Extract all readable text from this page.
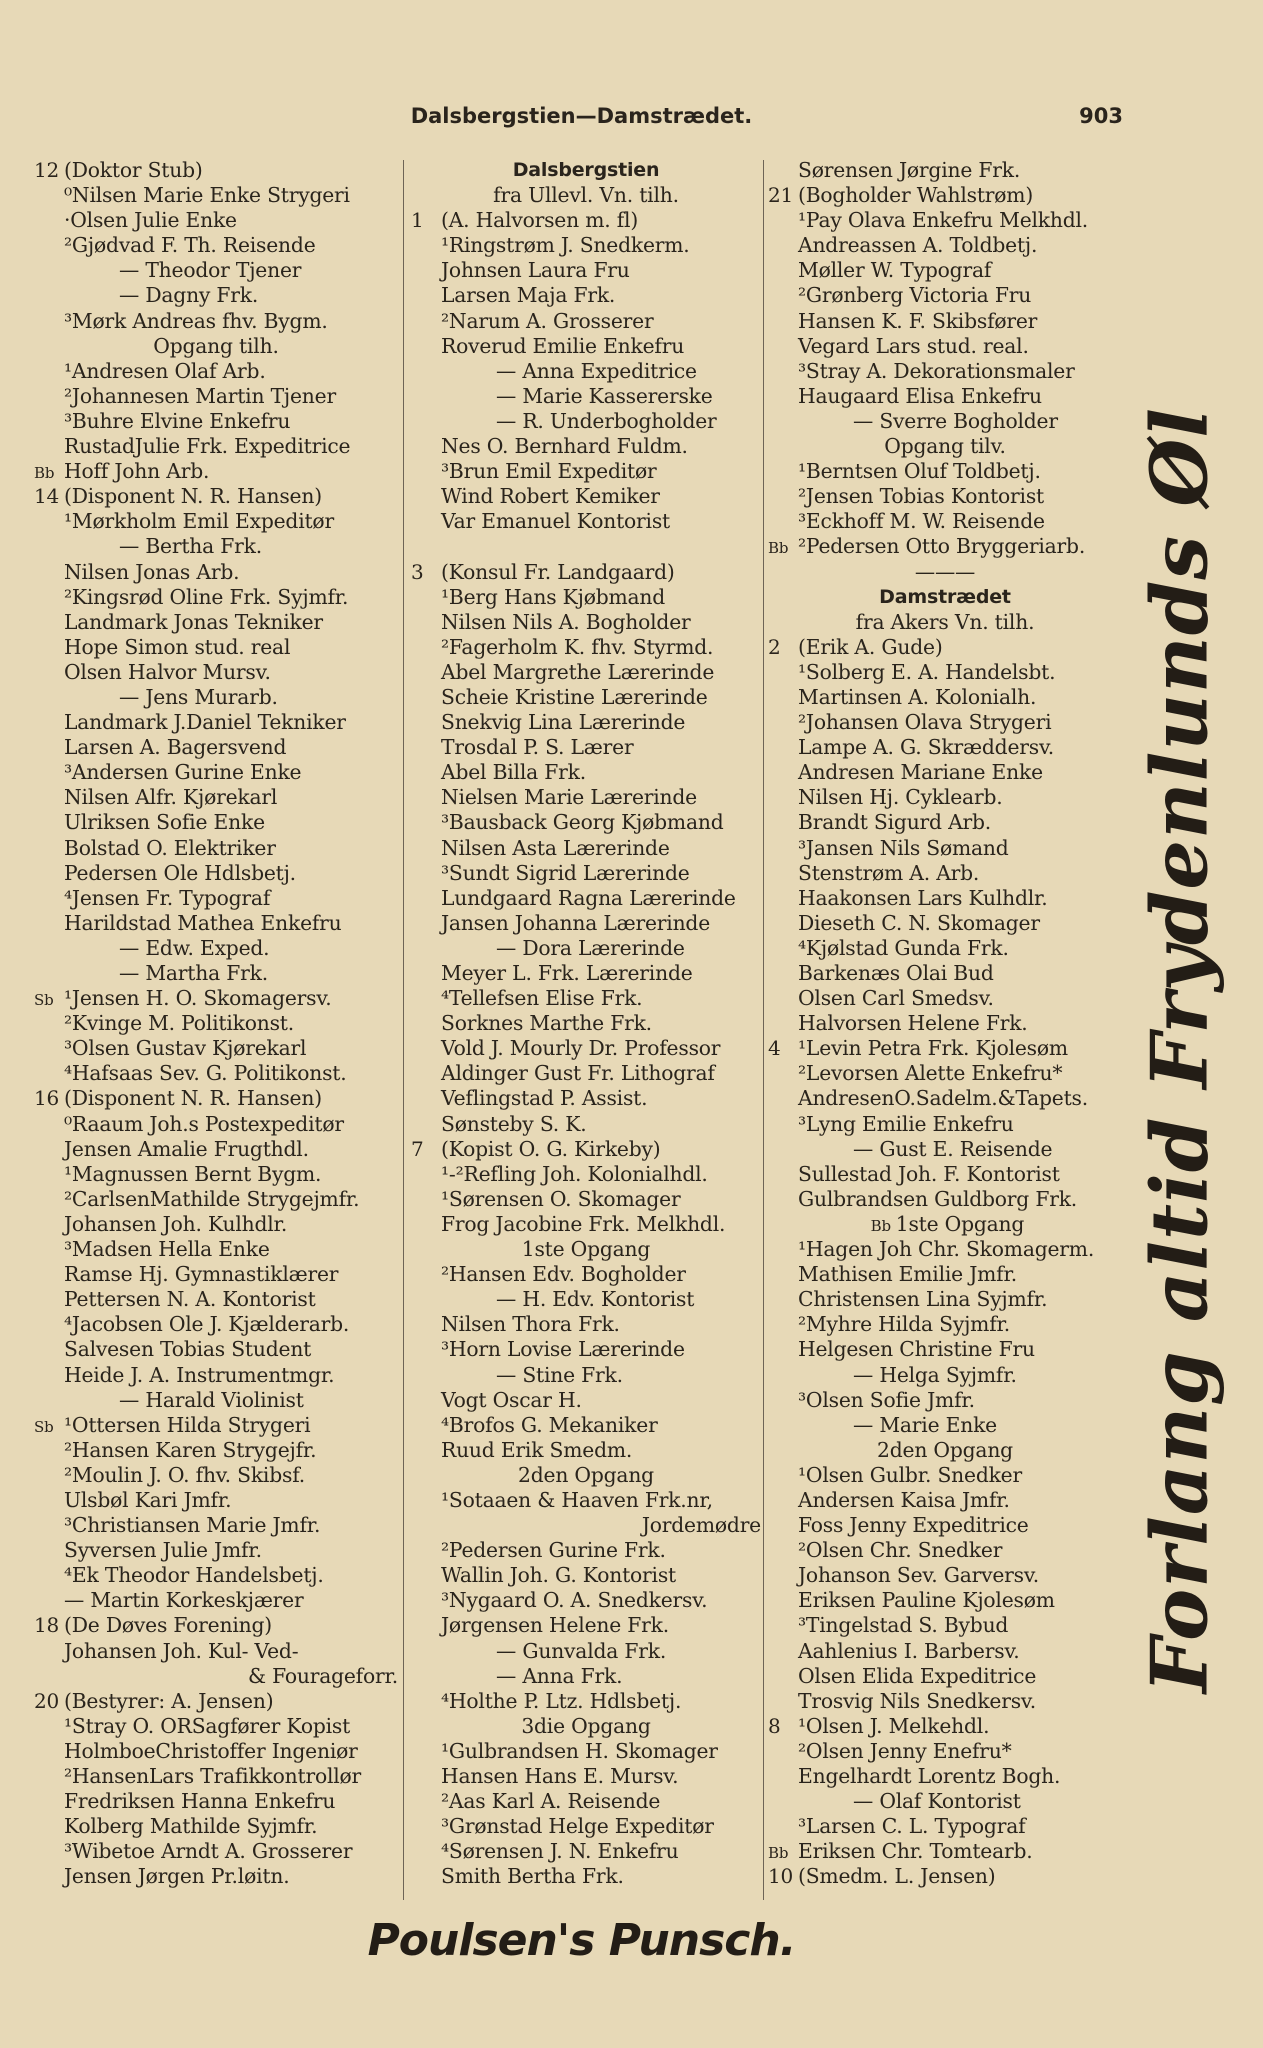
Dalsbergstien—Damstrædet.	903
12 (Doktor Stub)
⁰Nilsen Marie Enke Strygeri
·Olsen Julie Enke
²Gjødvad F. Th. Reisende
— Theodor Tjener
— Dagny Frk.
³Mørk Andreas fhv. Bygm.
Opgang tilh.
¹Andresen Olaf Arb.
²Johannesen Martin Tjener
³Buhre Elvine Enkefru
RustadJulie Frk. Expeditrice
Bb Hoff John Arb.
14 (Disponent N. R. Hansen)
¹Mørkholm Emil Expeditør
— Bertha Frk.
Nilsen Jonas Arb.
²Kingsrød Oline Frk. Syjmfr.
Landmark Jonas Tekniker
Hope Simon stud. real
Olsen Halvor Mursv.
— Jens Murarb.
Landmark J.Daniel Tekniker
Larsen A. Bagersvend
³Andersen Gurine Enke
Nilsen Alfr. Kjørekarl
Ulriksen Sofie Enke
Bolstad O. Elektriker
Pedersen Ole Hdlsbetj.
⁴Jensen Fr. Typograf
Harildstad Mathea Enkefru
— Edw. Exped.
— Martha Frk.
Sb ¹Jensen H. O. Skomagersv.
²Kvinge M. Politikonst.
³Olsen Gustav Kjørekarl
⁴Hafsaas Sev. G. Politikonst.
16 (Disponent N. R. Hansen)
⁰Raaum Joh.s Postexpeditør
Jensen Amalie Frugthdl.
¹Magnussen Bernt Bygm.
²CarlsenMathilde Strygejmfr.
Johansen Joh. Kulhdlr.
³Madsen Hella Enke
Ramse Hj. Gymnastiklærer
Pettersen N. A. Kontorist
⁴Jacobsen Ole J. Kjælderarb.
Salvesen Tobias Student
Heide J. A. Instrumentmgr.
— Harald Violinist
Sb ¹Ottersen Hilda Strygeri
²Hansen Karen Strygejfr.
²Moulin J. O. fhv. Skibsf.
Ulsbøl Kari Jmfr.
³Christiansen Marie Jmfr.
Syversen Julie Jmfr.
⁴Ek Theodor Handelsbetj.
— Martin Korkeskjærer
18 (De Døves Forening)
Johansen Joh. Kul- Ved-
& Fourageforr.
20 (Bestyrer: A. Jensen)
¹Stray O. ORSagfører Kopist
HolmboeChristoffer Ingeniør
²HansenLars Trafikkontrollør
Fredriksen Hanna Enkefru
Kolberg Mathilde Syjmfr.
³Wibetoe Arndt A. Grosserer
Jensen Jørgen Pr.løitn.
Dalsbergstien
fra Ullevl. Vn. tilh.
1 (A. Halvorsen m. fl)
¹Ringstrøm J. Snedkerm.
Johnsen Laura Fru
Larsen Maja Frk.
²Narum A. Grosserer
Roverud Emilie Enkefru
— Anna Expeditrice
— Marie Kassererske
— R. Underbogholder
Nes O. Bernhard Fuldm.
³Brun Emil Expeditør
Wind Robert Kemiker
Var Emanuel Kontorist
3 (Konsul Fr. Landgaard)
¹Berg Hans Kjøbmand
Nilsen Nils A. Bogholder
²Fagerholm K. fhv. Styrmd.
Abel Margrethe Lærerinde
Scheie Kristine Lærerinde
Snekvig Lina Lærerinde
Trosdal P. S. Lærer
Abel Billa Frk.
Nielsen Marie Lærerinde
³Bausback Georg Kjøbmand
Nilsen Asta Lærerinde
³Sundt Sigrid Lærerinde
Lundgaard Ragna Lærerinde
Jansen Johanna Lærerinde
— Dora Lærerinde
Meyer L. Frk. Lærerinde
⁴Tellefsen Elise Frk.
Sorknes Marthe Frk.
Vold J. Mourly Dr. Professor
Aldinger Gust Fr. Lithograf
Veflingstad P. Assist.
Sønsteby S. K.
7 (Kopist O. G. Kirkeby)
¹-²Refling Joh. Kolonialhdl.
¹Sørensen O. Skomager
Frog Jacobine Frk. Melkhdl.
1ste Opgang
²Hansen Edv. Bogholder
— H. Edv. Kontorist
Nilsen Thora Frk.
³Horn Lovise Lærerinde
— Stine Frk.
Vogt Oscar H.
⁴Brofos G. Mekaniker
Ruud Erik Smedm.
2den Opgang
¹Sotaaen & Haaven Frk.nr,
Jordemødre
²Pedersen Gurine Frk.
Wallin Joh. G. Kontorist
³Nygaard O. A. Snedkersv.
Jørgensen Helene Frk.
— Gunvalda Frk.
— Anna Frk.
⁴Holthe P. Ltz. Hdlsbetj.
3die Opgang
¹Gulbrandsen H. Skomager
Hansen Hans E. Mursv.
²Aas Karl A. Reisende
³Grønstad Helge Expeditør
⁴Sørensen J. N. Enkefru
Smith Bertha Frk.
Sørensen Jørgine Frk.
21 (Bogholder Wahlstrøm)
¹Pay Olava Enkefru Melkhdl.
Andreassen A. Toldbetj.
Møller W. Typograf
²Grønberg Victoria Fru
Hansen K. F. Skibsfører
Vegard Lars stud. real.
³Stray A. Dekorationsmaler
Haugaard Elisa Enkefru
— Sverre Bogholder
Opgang tilv.
¹Berntsen Oluf Toldbetj.
²Jensen Tobias Kontorist
³Eckhoff M. W. Reisende
Bb ²Pedersen Otto Bryggeriarb.
———
Damstrædet
fra Akers Vn. tilh.
2 (Erik A. Gude)
¹Solberg E. A. Handelsbt.
Martinsen A. Kolonialh.
²Johansen Olava Strygeri
Lampe A. G. Skræddersv.
Andresen Mariane Enke
Nilsen Hj. Cyklearb.
Brandt Sigurd Arb.
³Jansen Nils Sømand
Stenstrøm A. Arb.
Haakonsen Lars Kulhdlr.
Dieseth C. N. Skomager
⁴Kjølstad Gunda Frk.
Barkenæs Olai Bud
Olsen Carl Smedsv.
Halvorsen Helene Frk.
4 ¹Levin Petra Frk. Kjolesøm
²Levorsen Alette Enkefru*
AndresenO.Sadelm.&Tapets.
³Lyng Emilie Enkefru
— Gust E. Reisende
Sullestad Joh. F. Kontorist
Gulbrandsen Guldborg Frk.
Bb 1ste Opgang
¹Hagen Joh Chr. Skomagerm.
Mathisen Emilie Jmfr.
Christensen Lina Syjmfr.
²Myhre Hilda Syjmfr.
Helgesen Christine Fru
— Helga Syjmfr.
³Olsen Sofie Jmfr.
— Marie Enke
2den Opgang
¹Olsen Gulbr. Snedker
Andersen Kaisa Jmfr.
Foss Jenny Expeditrice
²Olsen Chr. Snedker
Johanson Sev. Garversv.
Eriksen Pauline Kjolesøm
³Tingelstad S. Bybud
Aahlenius I. Barbersv.
Olsen Elida Expeditrice
Trosvig Nils Snedkersv.
8 ¹Olsen J. Melkehdl.
²Olsen Jenny Enefru*
Engelhardt Lorentz Bogh.
— Olaf Kontorist
³Larsen C. L. Typograf
Bb Eriksen Chr. Tomtearb.
10 (Smedm. L. Jensen)
Forlang altid Frydenlunds Øl
Poulsen's Punsch.
